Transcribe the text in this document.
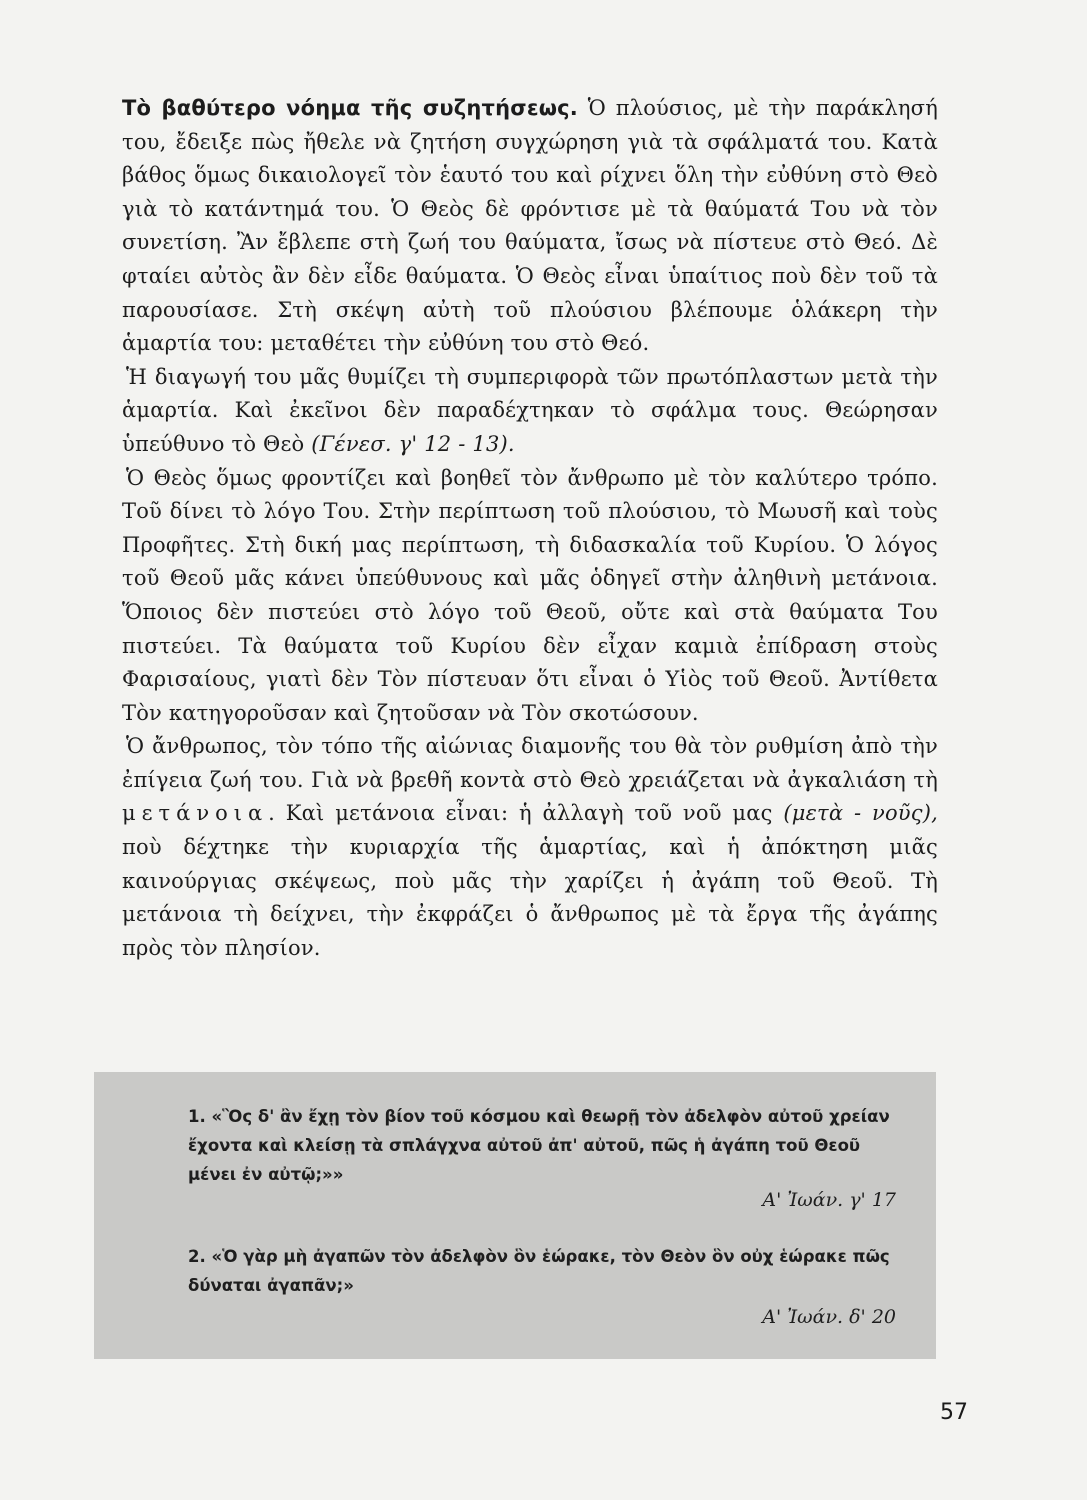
Τὸ βαθύτερο νόημα τῆς συζητήσεως. Ὁ πλούσιος, μὲ τὴν παράκλησή του, ἔδειξε πὼς ἤθελε νὰ ζητήση συγχώρηση γιὰ τὰ σφάλματά του. Κατὰ βάθος ὅμως δικαιολογεῖ τὸν ἑαυτό του καὶ ρίχνει ὅλη τὴν εὐθύνη στὸ Θεὸ γιὰ τὸ κατάντημά του. Ὁ Θεὸς δὲ φρόντισε μὲ τὰ θαύματά Του νὰ τὸν συνετίση. Ἂν ἔβλεπε στὴ ζωή του θαύματα, ἴσως νὰ πίστευε στὸ Θεό. Δὲ φταίει αὐτὸς ἂν δὲν εἶδε θαύματα. Ὁ Θεὸς εἶναι ὑπαίτιος ποὺ δὲν τοῦ τὰ παρουσίασε. Στὴ σκέψη αὐτὴ τοῦ πλούσιου βλέπουμε ὁλάκερη τὴν ἁμαρτία του: μεταθέτει τὴν εὐθύνη του στὸ Θεό.

Ἡ διαγωγή του μᾶς θυμίζει τὴ συμπεριφορὰ τῶν πρωτόπλαστων μετὰ τὴν ἁμαρτία. Καὶ ἐκεῖνοι δὲν παραδέχτηκαν τὸ σφάλμα τους. Θεώρησαν ὑπεύθυνο τὸ Θεὸ (Γένεσ. γ' 12 - 13).

Ὁ Θεὸς ὅμως φροντίζει καὶ βοηθεῖ τὸν ἄνθρωπο μὲ τὸν καλύτερο τρόπο. Τοῦ δίνει τὸ λόγο Του. Στὴν περίπτωση τοῦ πλούσιου, τὸ Μωυσῆ καὶ τοὺς Προφῆτες. Στὴ δική μας περίπτωση, τὴ διδασκαλία τοῦ Κυρίου. Ὁ λόγος τοῦ Θεοῦ μᾶς κάνει ὑπεύθυνους καὶ μᾶς ὁδηγεῖ στὴν ἀληθινὴ μετάνοια. Ὅποιος δὲν πιστεύει στὸ λόγο τοῦ Θεοῦ, οὔτε καὶ στὰ θαύματα Του πιστεύει. Τὰ θαύματα τοῦ Κυρίου δὲν εἶχαν καμιὰ ἐπίδραση στοὺς Φαρισαίους, γιατὶ δὲν Τὸν πίστευαν ὅτι εἶναι ὁ Υἱὸς τοῦ Θεοῦ. Ἀντίθετα Τὸν κατηγοροῦσαν καὶ ζητοῦσαν νὰ Τὸν σκοτώσουν.

Ὁ ἄνθρωπος, τὸν τόπο τῆς αἰώνιας διαμονῆς του θὰ τὸν ρυθμίση ἀπὸ τὴν ἐπίγεια ζωή του. Γιὰ νὰ βρεθῆ κοντὰ στὸ Θεὸ χρειάζεται νὰ ἀγκαλιάση τὴ μετάνοια. Καὶ μετάνοια εἶναι: ἡ ἀλλαγὴ τοῦ νοῦ μας (μετὰ - νοῦς), ποὺ δέχτηκε τὴν κυριαρχία τῆς ἁμαρτίας, καὶ ἡ ἀπόκτηση μιᾶς καινούργιας σκέψεως, ποὺ μᾶς τὴν χαρίζει ἡ ἀγάπη τοῦ Θεοῦ. Τὴ μετάνοια τὴ δείχνει, τὴν ἐκφράζει ὁ ἄνθρωπος μὲ τὰ ἔργα τῆς ἀγάπης πρὸς τὸν πλησίον.

1. «Ὃς δ' ἂν ἔχῃ τὸν βίον τοῦ κόσμου καὶ θεωρῇ τὸν ἀδελφὸν αὐτοῦ χρείαν ἔχοντα καὶ κλείσῃ τὰ σπλάγχνα αὐτοῦ ἀπ' αὐτοῦ, πῶς ἡ ἀγάπη τοῦ Θεοῦ μένει ἐν αὐτῷ;»»
Α' Ἰωάν. γ' 17
2. «Ὁ γὰρ μὴ ἀγαπῶν τὸν ἀδελφὸν ὃν ἑώρακε, τὸν Θεὸν ὃν οὐχ ἑώρακε πῶς δύναται ἀγαπᾶν;»
Α' Ἰωάν. δ' 20
57
